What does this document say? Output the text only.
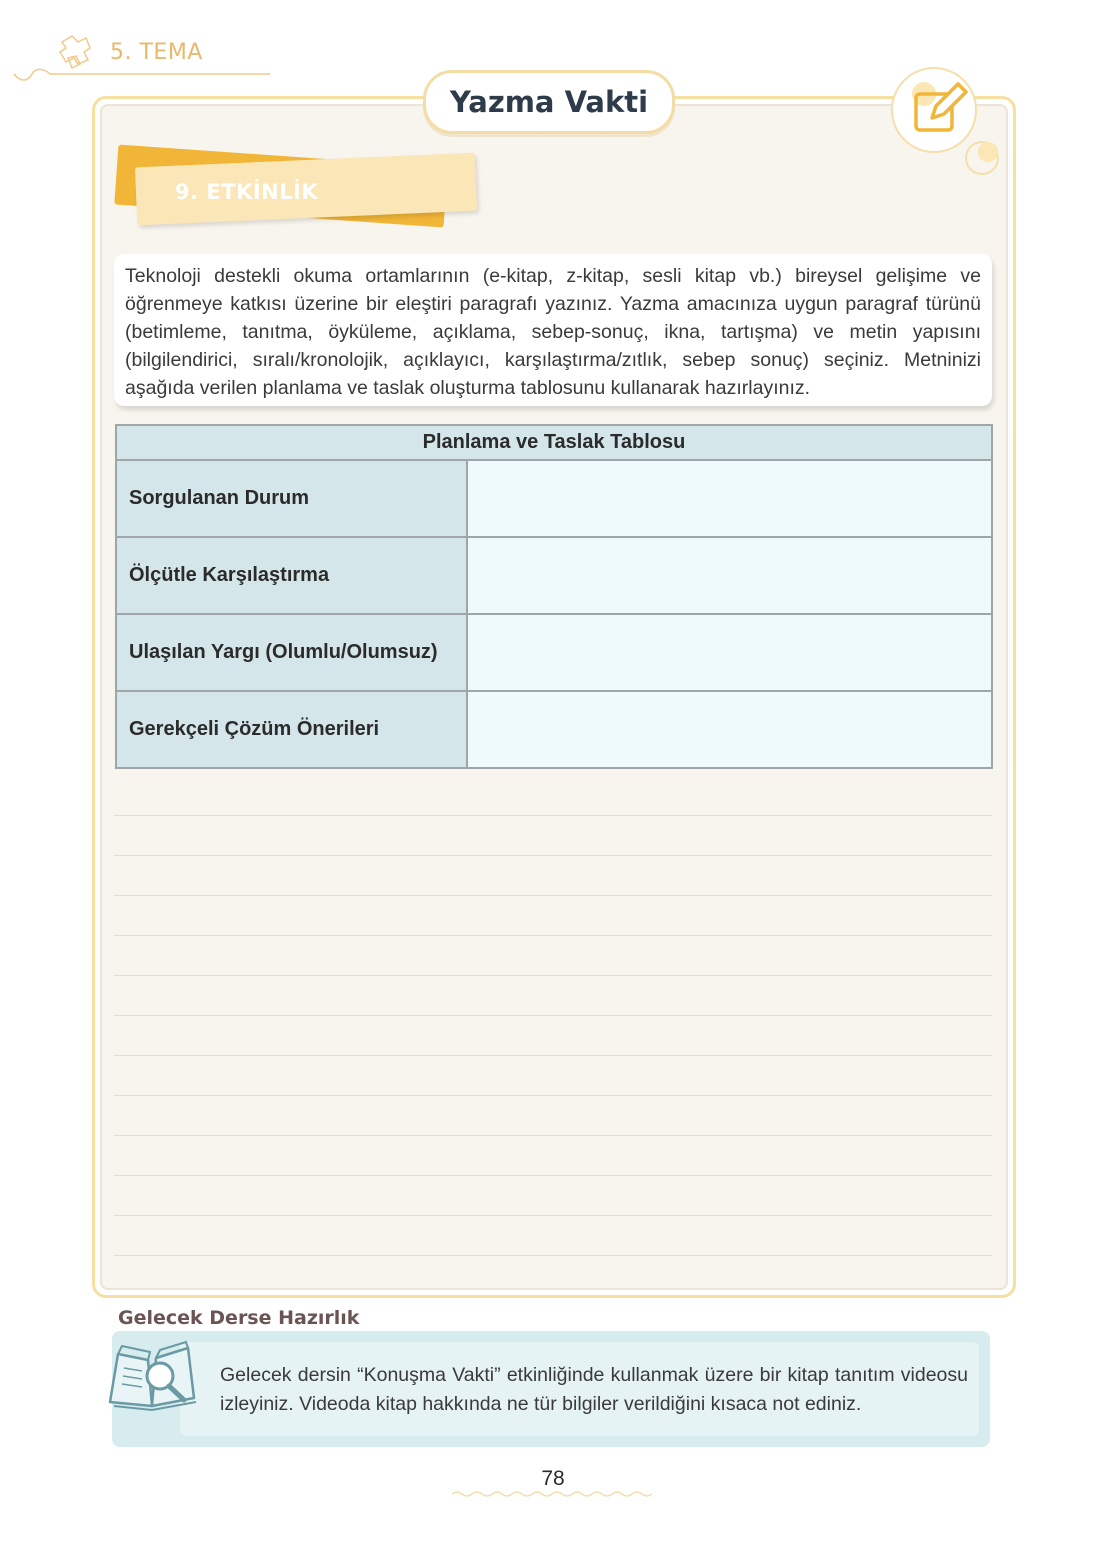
5. TEMA
Yazma Vakti
9. ETKİNLİK
Teknoloji destekli okuma ortamlarının (e-kitap, z-kitap, sesli kitap vb.) bireysel gelişime ve öğrenmeye katkısı üzerine bir eleştiri paragrafı yazınız. Yazma amacınıza uygun paragraf türünü (betimleme, tanıtma, öyküleme, açıklama, sebep-sonuç, ikna, tartışma) ve metin yapısını (bilgilendirici, sıralı/kronolojik, açıklayıcı, karşılaştırma/zıtlık, sebep sonuç) seçiniz. Metninizi aşağıda verilen planlama ve taslak oluşturma tablosunu kullanarak hazırlayınız.
Planlama ve Taslak Tablosu	
Sorgulanan Durum	
Ölçütle Karşılaştırma	
Ulaşılan Yargı (Olumlu/Olumsuz)	
Gerekçeli Çözüm Önerileri	
Gelecek Derse Hazırlık
Gelecek dersin “Konuşma Vakti” etkinliğinde kullanmak üzere bir kitap tanıtım videosu izleyiniz. Videoda kitap hakkında ne tür bilgiler verildiğini kısaca not ediniz.
78
